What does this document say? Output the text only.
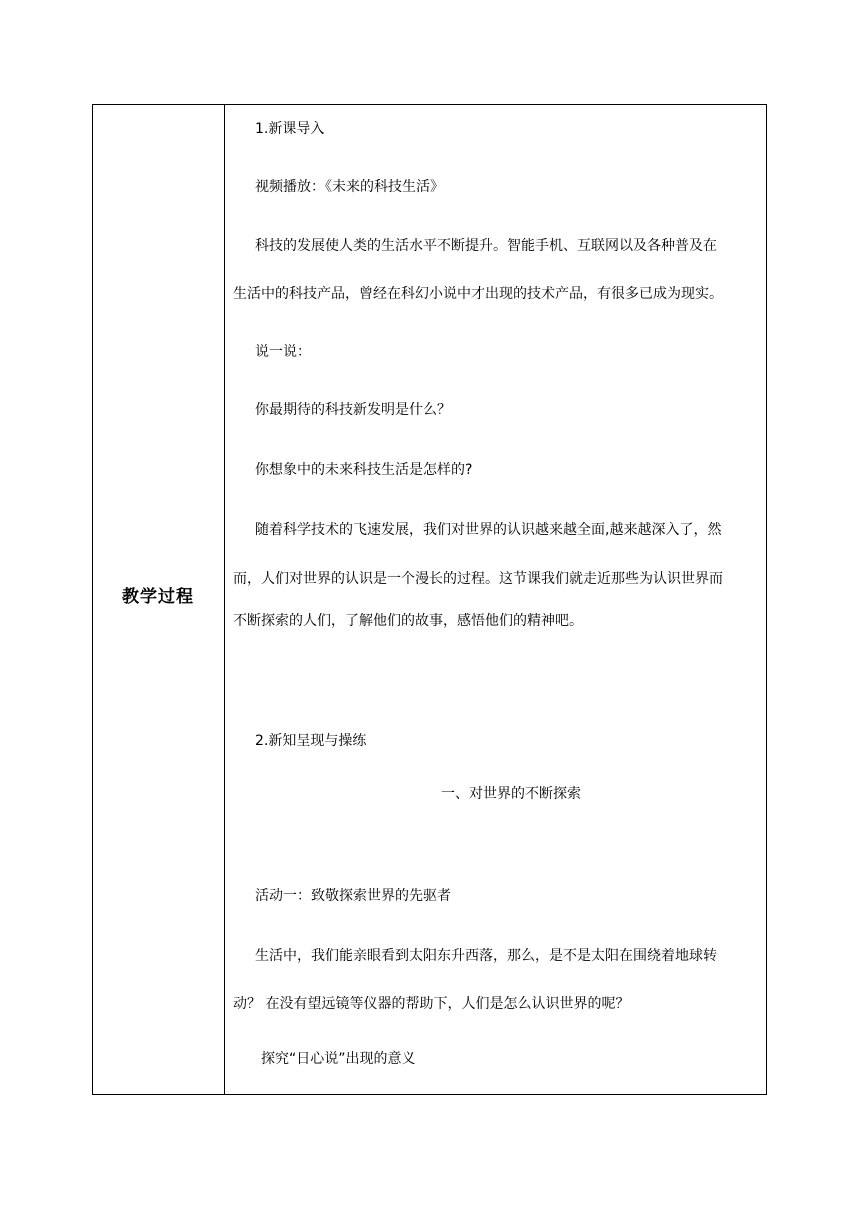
教学过程
1.新课导入
视频播放：《未来的科技生活》
科技的发展使人类的生活水平不断提升。智能手机、互联网以及各种普及在
生活中的科技产品，曾经在科幻小说中才出现的技术产品，有很多已成为现实。
说一说：
你最期待的科技新发明是什么？
你想象中的未来科技生活是怎样的?
随着科学技术的飞速发展，我们对世界的认识越来越全面,越来越深入了，然
而，人们对世界的认识是一个漫长的过程。这节课我们就走近那些为认识世界而
不断探索的人们，了解他们的故事，感悟他们的精神吧。
2.新知呈现与操练
一、对世界的不断探索
活动一：致敬探索世界的先驱者
生活中，我们能亲眼看到太阳东升西落，那么，是不是太阳在围绕着地球转
动？ 在没有望远镜等仪器的帮助下，人们是怎么认识世界的呢？
探究“日心说”出现的意义
